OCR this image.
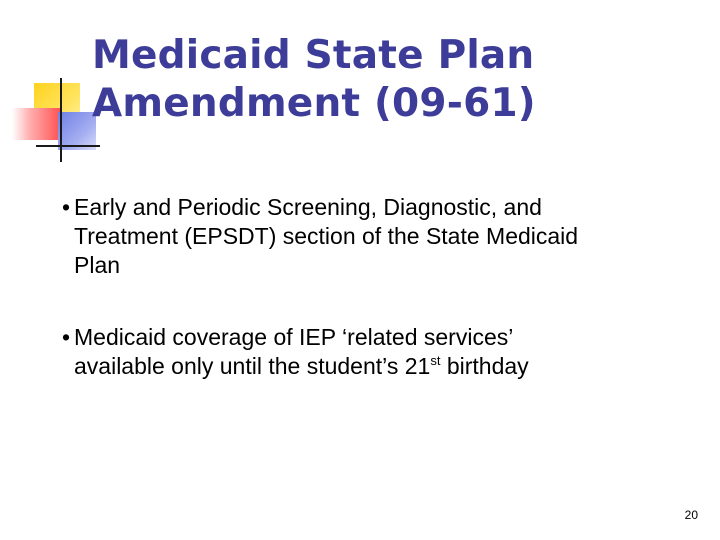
Medicaid State Plan
Amendment (09-61)
• Early and Periodic Screening, Diagnostic, and
Treatment (EPSDT) section of the State Medicaid
Plan
• Medicaid coverage of IEP ‘related services’
available only until the student’s 21st birthday
20
